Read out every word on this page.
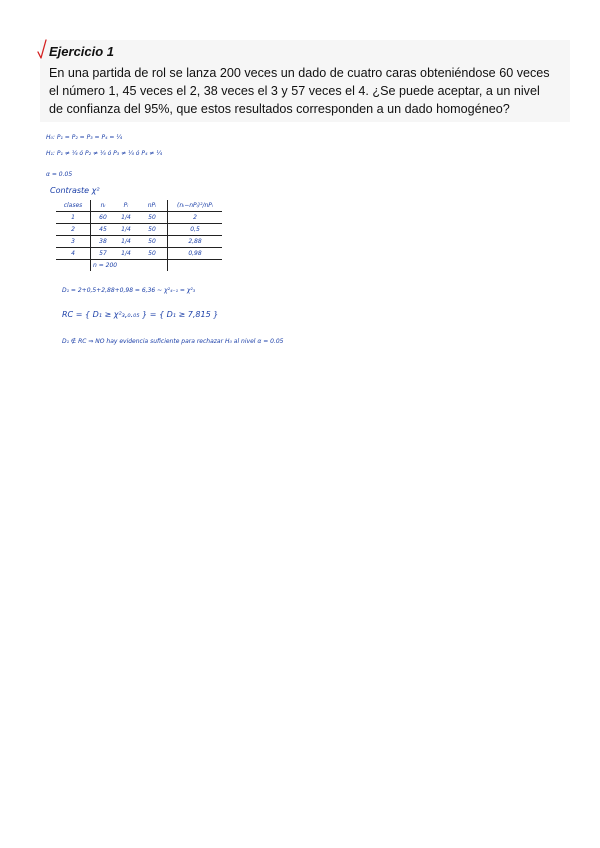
Ejercicio 1
En una partida de rol se lanza 200 veces un dado de cuatro caras obteniéndose 60 veces
el número 1, 45 veces el 2, 38 veces el 3 y 57 veces el 4. ¿Se puede aceptar, a un nivel
de confianza del 95%, que estos resultados corresponden a un dado homogéneo?
H₀: P₁ = P₂ = P₃ = P₄ = ¼
H₁: P₁ ≠ ¼ ó P₂ ≠ ¼ ó P₃ ≠ ¼ ó P₄ ≠ ¼
α = 0.05
Contraste χ²
clases	nᵢ	Pᵢ	nPᵢ	(nᵢ−nPᵢ)²/nPᵢ
1	60	1/4	50	2
2	45	1/4	50	0,5
3	38	1/4	50	2,88
4	57	1/4	50	0,98
	n = 200			
D₁ = 2+0,5+2,88+0,98 = 6,36 ~ χ²₄₋₁ = χ²₃
RC = { D₁ ≥ χ²₃,₀.₀₅ } = { D₁ ≥ 7,815 }
D₁ ∉ RC ⇒ NO hay evidencia suficiente para rechazar H₀ al nivel α = 0.05
